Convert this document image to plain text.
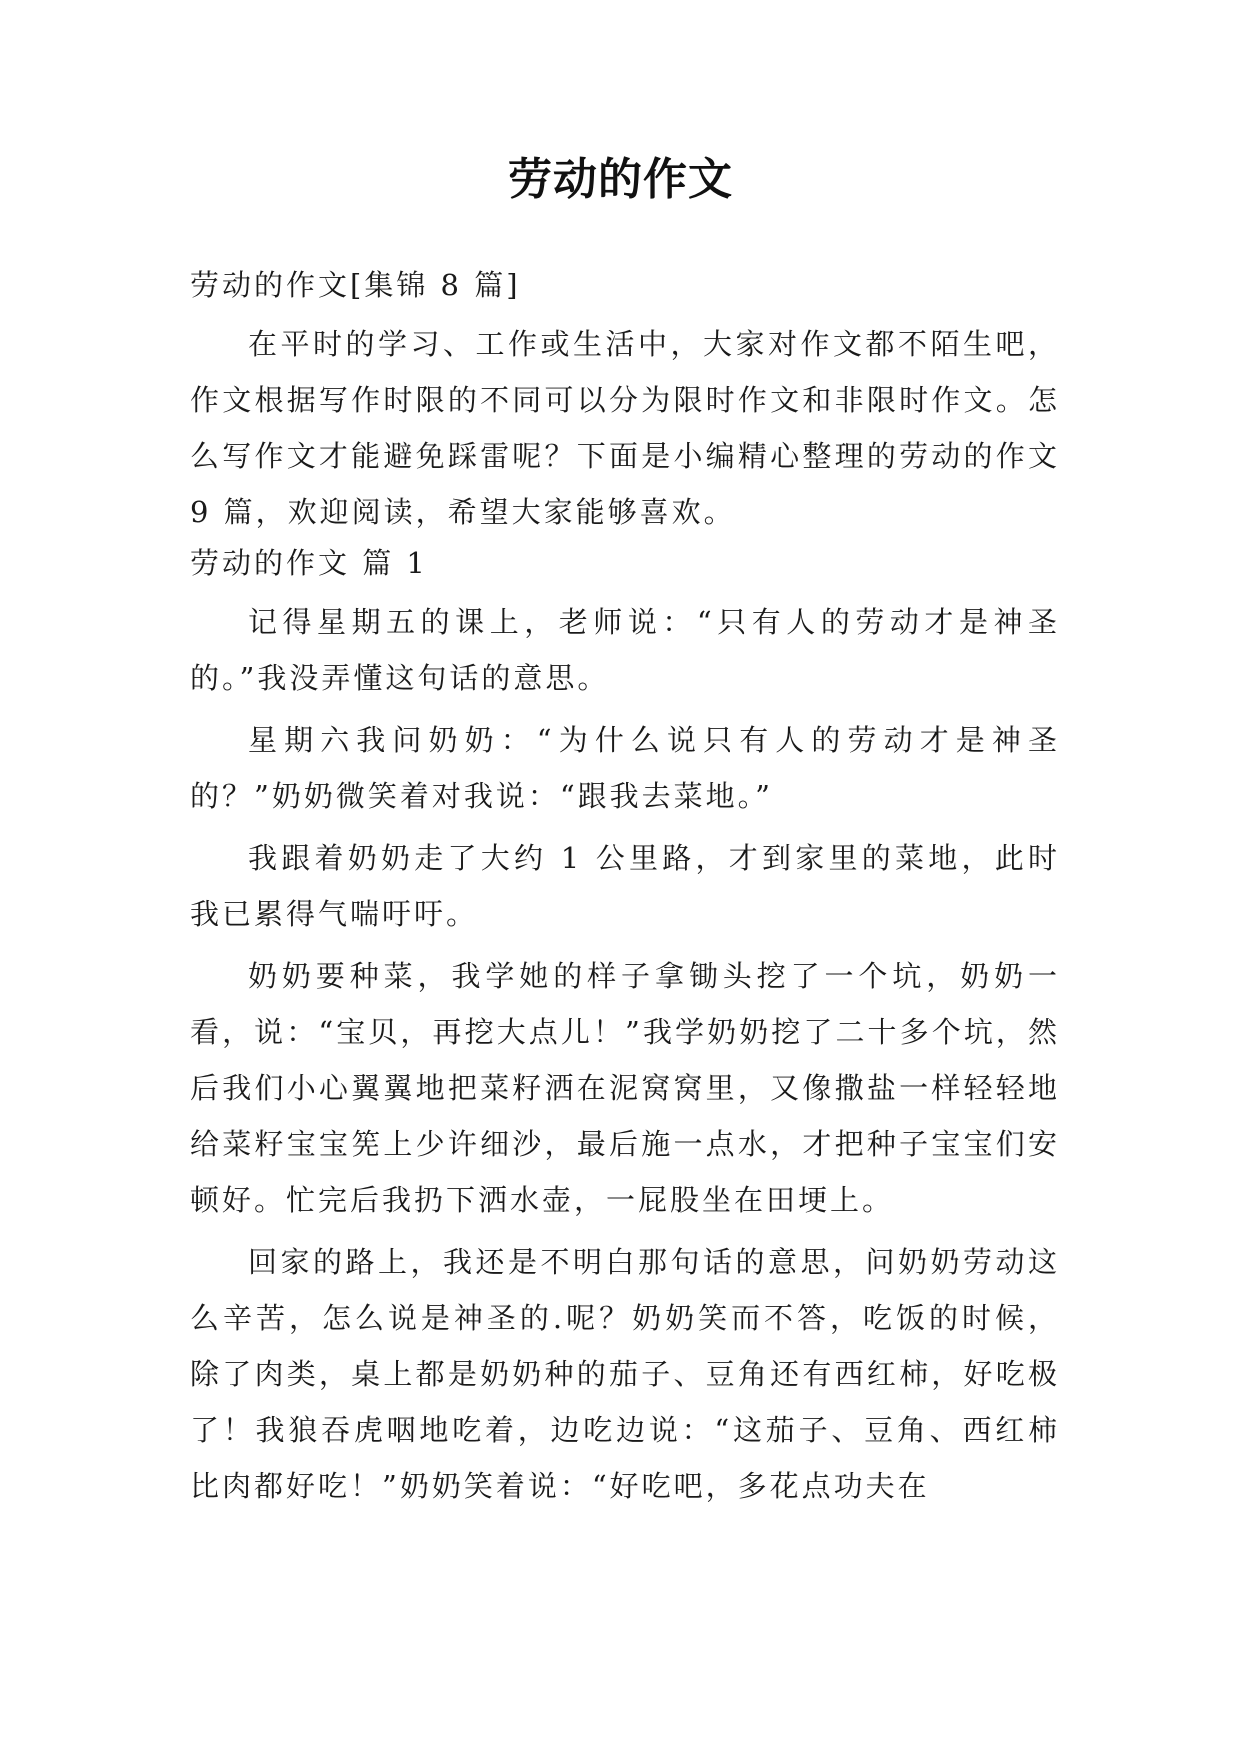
劳动的作文

劳动的作文[集锦 8 篇]

在平时的学习、工作或生活中，大家对作文都不陌生吧，作文根据写作时限的不同可以分为限时作文和非限时作文。怎么写作文才能避免踩雷呢？下面是小编精心整理的劳动的作文 9 篇，欢迎阅读，希望大家能够喜欢。

劳动的作文 篇 1

记得星期五的课上，老师说：“只有人的劳动才是神圣的。”我没弄懂这句话的意思。

星期六我问奶奶：“为什么说只有人的劳动才是神圣的？”奶奶微笑着对我说：“跟我去菜地。”

我跟着奶奶走了大约 1 公里路，才到家里的菜地，此时我已累得气喘吁吁。

奶奶要种菜，我学她的样子拿锄头挖了一个坑，奶奶一看，说：“宝贝，再挖大点儿！”我学奶奶挖了二十多个坑，然后我们小心翼翼地把菜籽洒在泥窝窝里，又像撒盐一样轻轻地给菜籽宝宝筅上少许细沙，最后施一点水，才把种子宝宝们安顿好。忙完后我扔下洒水壶，一屁股坐在田埂上。

回家的路上，我还是不明白那句话的意思，问奶奶劳动这么辛苦，怎么说是神圣的.呢？奶奶笑而不答，吃饭的时候，除了肉类，桌上都是奶奶种的茄子、豆角还有西红柿，好吃极了！我狼吞虎咽地吃着，边吃边说：“这茄子、豆角、西红柿比肉都好吃！”奶奶笑着说：“好吃吧，多花点功夫在
